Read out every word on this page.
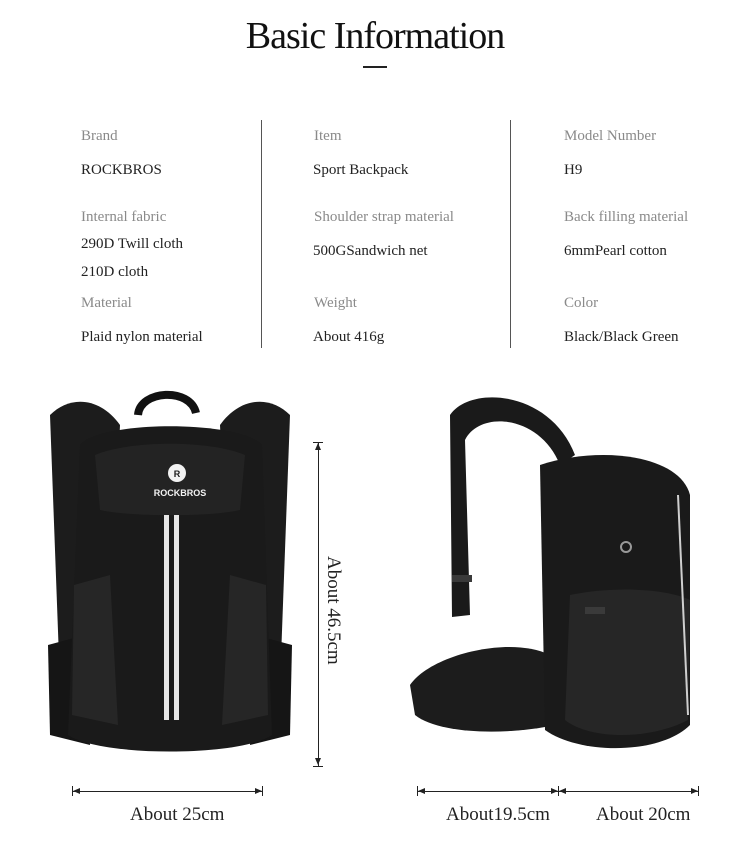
Basic Information
Brand
ROCKBROS
Internal fabric
290D Twill cloth
210D cloth
Material
Plaid nylon material
Item
Sport Backpack
Shoulder strap material
500GSandwich net
Weight
About 416g
Model Number
H9
Back filling material
6mmPearl cotton
Color
Black/Black Green
R
ROCKBROS
About 25cm
About 46.5cm
About19.5cm About 20cm
